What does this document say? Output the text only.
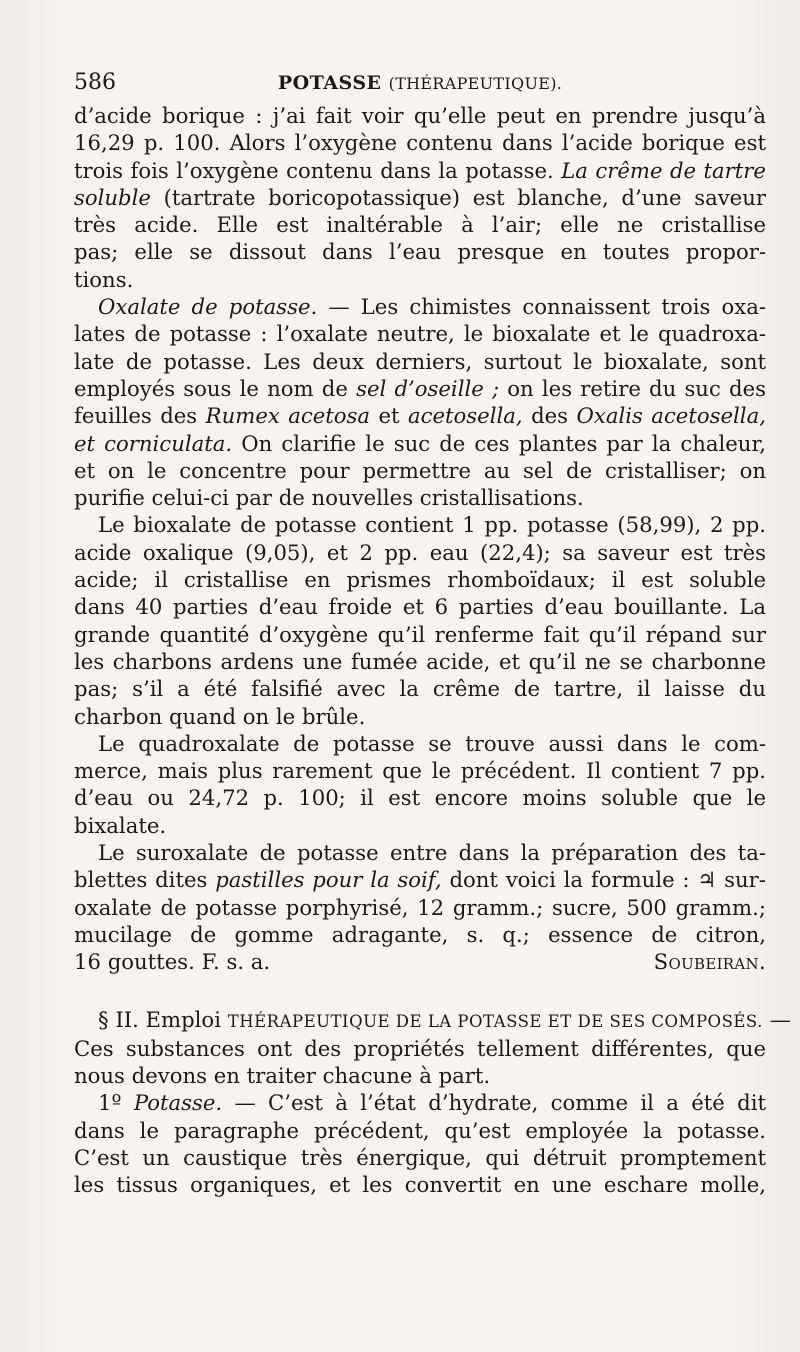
586	POTASSE (THÉRAPEUTIQUE).

d’acide borique : j’ai fait voir qu’elle peut en prendre jusqu’à
16,29 p. 100. Alors l’oxygène contenu dans l’acide borique est
trois fois l’oxygène contenu dans la potasse. La crême de tartre
soluble (tartrate boricopotassique) est blanche, d’une saveur
très acide. Elle est inaltérable à l’air; elle ne cristallise
pas; elle se dissout dans l’eau presque en toutes propor-
tions.

Oxalate de potasse. — Les chimistes connaissent trois oxa-
lates de potasse : l’oxalate neutre, le bioxalate et le quadroxa-
late de potasse. Les deux derniers, surtout le bioxalate, sont
employés sous le nom de sel d’oseille ; on les retire du suc des
feuilles des Rumex acetosa et acetosella, des Oxalis acetosella,
et corniculata. On clarifie le suc de ces plantes par la chaleur,
et on le concentre pour permettre au sel de cristalliser; on
purifie celui-ci par de nouvelles cristallisations.

Le bioxalate de potasse contient 1 pp. potasse (58,99), 2 pp.
acide oxalique (9,05), et 2 pp. eau (22,4); sa saveur est très
acide; il cristallise en prismes rhomboïdaux; il est soluble
dans 40 parties d’eau froide et 6 parties d’eau bouillante. La
grande quantité d’oxygène qu’il renferme fait qu’il répand sur
les charbons ardens une fumée acide, et qu’il ne se charbonne
pas; s’il a été falsifié avec la crême de tartre, il laisse du
charbon quand on le brûle.

Le quadroxalate de potasse se trouve aussi dans le com-
merce, mais plus rarement que le précédent. Il contient 7 pp.
d’eau ou 24,72 p. 100; il est encore moins soluble que le
bixalate.

Le suroxalate de potasse entre dans la préparation des ta-
blettes dites pastilles pour la soif, dont voici la formule : ♃ sur-
oxalate de potasse porphyrisé, 12 gramm.; sucre, 500 gramm.;
mucilage de gomme adragante, s. q.; essence de citron,
16 gouttes. F. s. a.	Soubeiran.

§ II. Emploi THÉRAPEUTIQUE DE LA POTASSE ET DE SES COMPOSÉS. —
Ces substances ont des propriétés tellement différentes, que
nous devons en traiter chacune à part.

1º Potasse. — C’est à l’état d’hydrate, comme il a été dit
dans le paragraphe précédent, qu’est employée la potasse.
C’est un caustique très énergique, qui détruit promptement
les tissus organiques, et les convertit en une eschare molle,
